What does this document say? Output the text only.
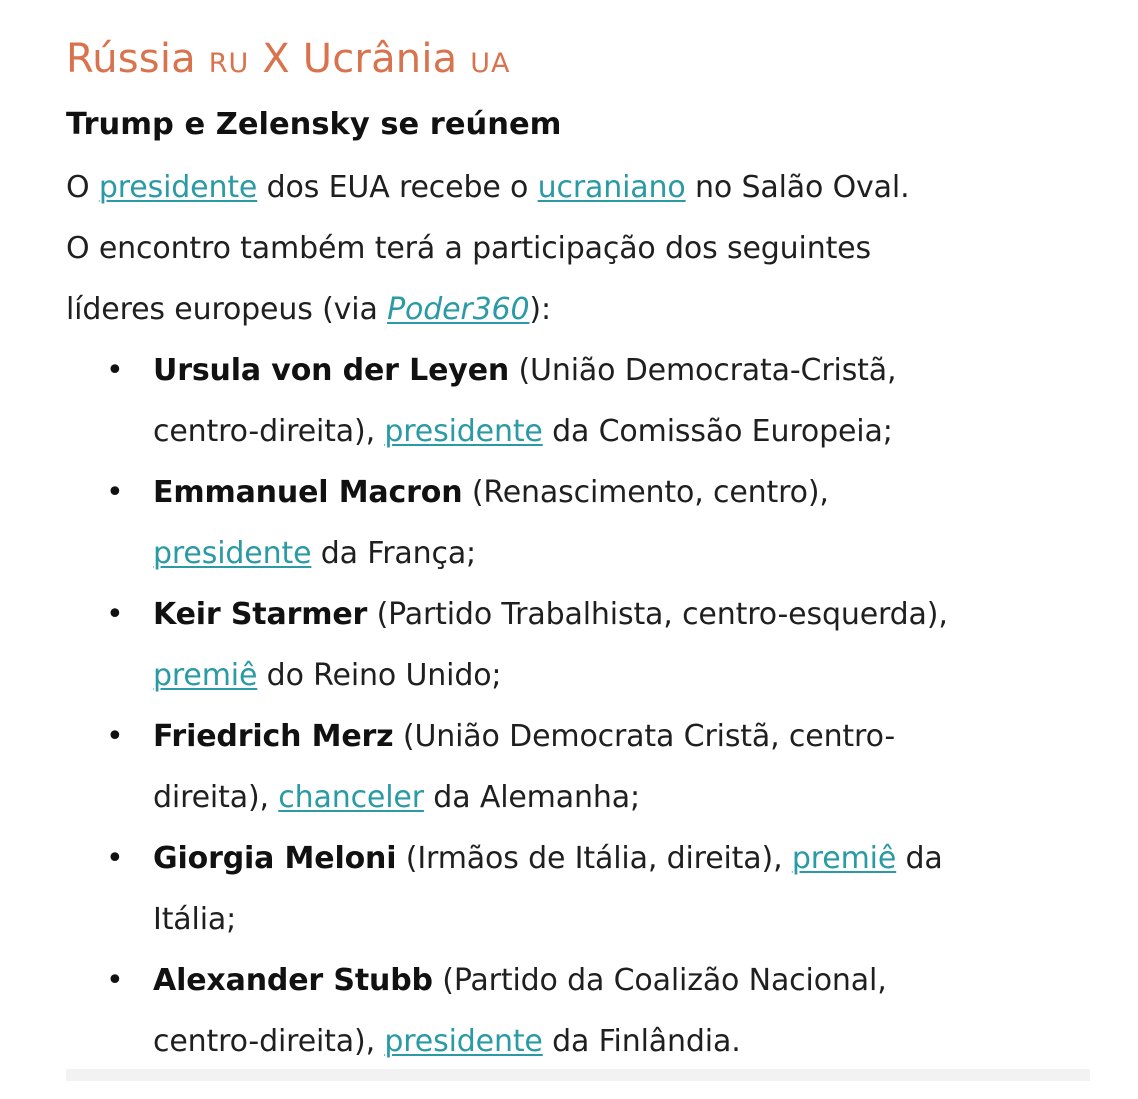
Rússia RU X Ucrânia UA
Trump e Zelensky se reúnem

O presidente dos EUA recebe o ucraniano no Salão Oval.
O encontro também terá a participação dos seguintes
líderes europeus (via Poder360):

• Ursula von der Leyen (União Democrata-Cristã,
centro-direita), presidente da Comissão Europeia;
• Emmanuel Macron (Renascimento, centro),
presidente da França;
• Keir Starmer (Partido Trabalhista, centro-esquerda),
premiê do Reino Unido;
• Friedrich Merz (União Democrata Cristã, centro-
direita), chanceler da Alemanha;
• Giorgia Meloni (Irmãos de Itália, direita), premiê da
Itália;
• Alexander Stubb (Partido da Coalizão Nacional,
centro-direita), presidente da Finlândia.
